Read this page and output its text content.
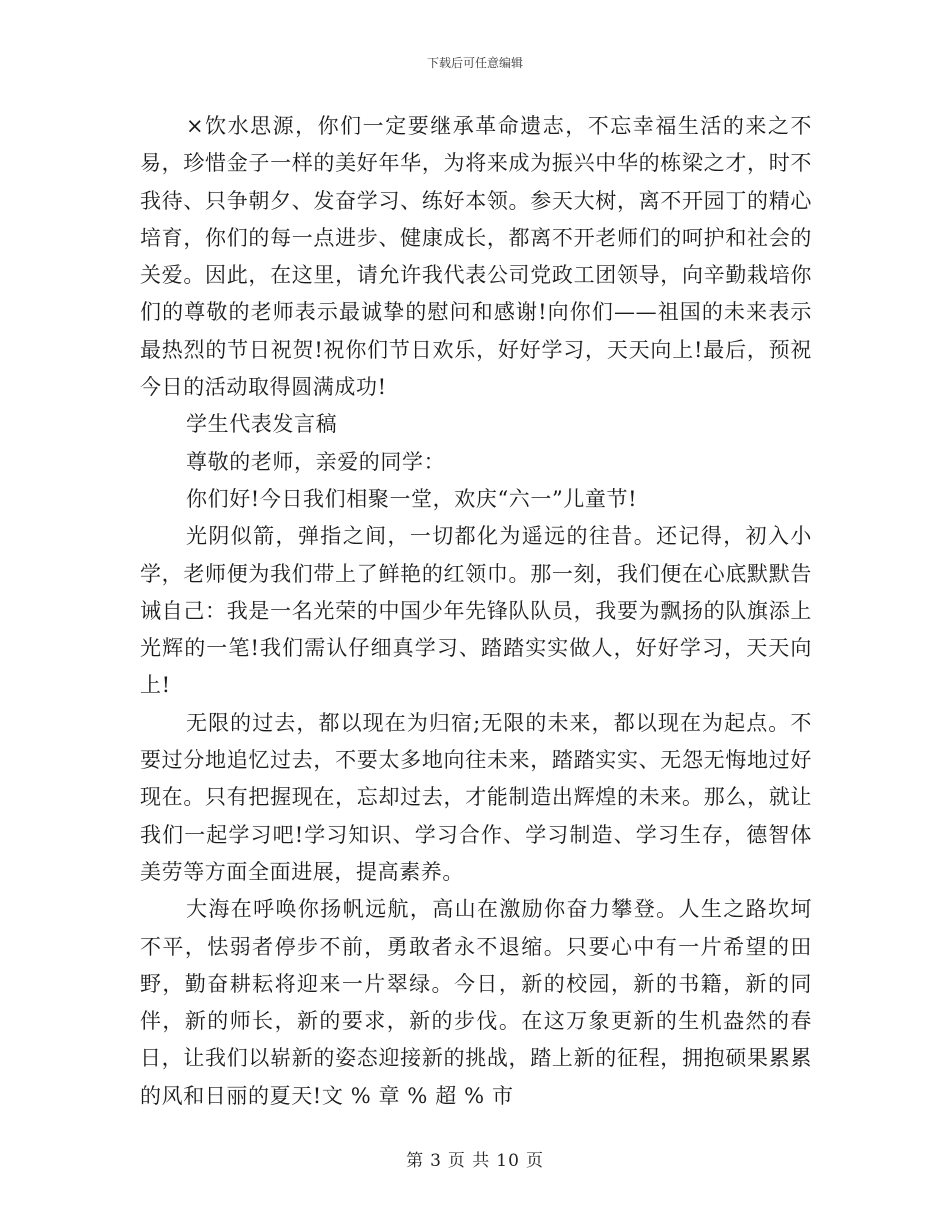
下载后可任意编辑

×饮水思源，你们一定要继承革命遗志，不忘幸福生活的来之不易，珍惜金子一样的美好年华，为将来成为振兴中华的栋梁之才，时不我待、只争朝夕、发奋学习、练好本领。参天大树，离不开园丁的精心培育，你们的每一点进步、健康成长，都离不开老师们的呵护和社会的关爱。因此，在这里，请允许我代表公司党政工团领导，向辛勤栽培你们的尊敬的老师表示最诚挚的慰问和感谢!向你们——祖国的未来表示最热烈的节日祝贺!祝你们节日欢乐，好好学习，天天向上!最后，预祝今日的活动取得圆满成功!

学生代表发言稿

尊敬的老师，亲爱的同学：

你们好!今日我们相聚一堂，欢庆“六一”儿童节!

光阴似箭，弹指之间，一切都化为遥远的往昔。还记得，初入小学，老师便为我们带上了鲜艳的红领巾。那一刻，我们便在心底默默告诫自己：我是一名光荣的中国少年先锋队队员，我要为飘扬的队旗添上光辉的一笔!我们需认仔细真学习、踏踏实实做人，好好学习，天天向上!

无限的过去，都以现在为归宿;无限的未来，都以现在为起点。不要过分地追忆过去，不要太多地向往未来，踏踏实实、无怨无悔地过好现在。只有把握现在，忘却过去，才能制造出辉煌的未来。那么，就让我们一起学习吧!学习知识、学习合作、学习制造、学习生存，德智体美劳等方面全面进展，提高素养。

大海在呼唤你扬帆远航，高山在激励你奋力攀登。人生之路坎坷不平，怯弱者停步不前，勇敢者永不退缩。只要心中有一片希望的田野，勤奋耕耘将迎来一片翠绿。今日，新的校园，新的书籍，新的同伴，新的师长，新的要求，新的步伐。在这万象更新的生机盎然的春日，让我们以崭新的姿态迎接新的挑战，踏上新的征程，拥抱硕果累累的风和日丽的夏天!文 % 章 % 超 % 市

第 3 页 共 10 页
